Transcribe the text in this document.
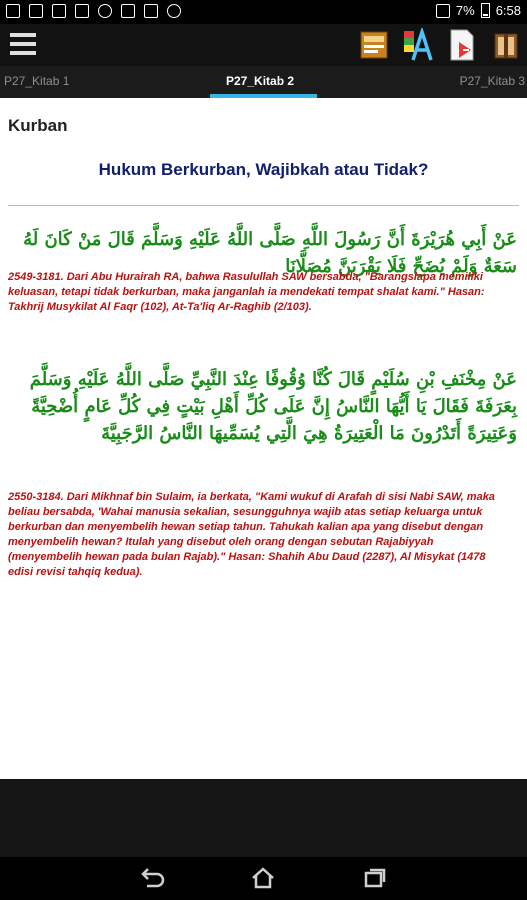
7% 6:58
P27_Kitab 1	P27_Kitab 2	P27_Kitab 3
Kurban
Hukum Berkurban, Wajibkah atau Tidak?
عَنْ أَبِي هُرَيْرَةَ أَنَّ رَسُولَ اللَّهِ صَلَّى اللَّهُ عَلَيْهِ وَسَلَّمَ قَالَ مَنْ كَانَ لَهُ سَعَةٌ وَلَمْ يُضَحِّ فَلَا يَقْرَبَنَّ مُصَلَّانَا
2549-3181. Dari Abu Hurairah RA, bahwa Rasulullah SAW bersabda, "Barangsiapa memiliki keluasan, tetapi tidak berkurban, maka janganlah ia mendekati tempat shalat kami." Hasan: Takhrij Musykilat Al Faqr (102), At-Ta'liq Ar-Raghib (2/103).
عَنْ مِخْنَفِ بْنِ سُلَيْمٍ قَالَ كُنَّا وُقُوفًا عِنْدَ النَّبِيِّ صَلَّى اللَّهُ عَلَيْهِ وَسَلَّمَ بِعَرَفَةَ فَقَالَ يَا أَيُّهَا النَّاسُ إِنَّ عَلَى كُلِّ أَهْلِ بَيْتٍ فِي كُلِّ عَامٍ أُضْحِيَّةً وَعَتِيرَةً أَتَدْرُونَ مَا الْعَتِيرَةُ هِيَ الَّتِي يُسَمِّيهَا النَّاسُ الرَّجَبِيَّةَ
2550-3184. Dari Mikhnaf bin Sulaim, ia berkata, "Kami wukuf di Arafah di sisi Nabi SAW, maka beliau bersabda, 'Wahai manusia sekalian, sesungguhnya wajib atas setiap keluarga untuk berkurban dan menyembelih hewan setiap tahun. Tahukah kalian apa yang disebut dengan menyembelih hewan? Itulah yang disebut oleh orang dengan sebutan Rajabiyyah (menyembelih hewan pada bulan Rajab)." Hasan: Shahih Abu Daud (2287), Al Misykat (1478 edisi revisi tahqiq kedua).
